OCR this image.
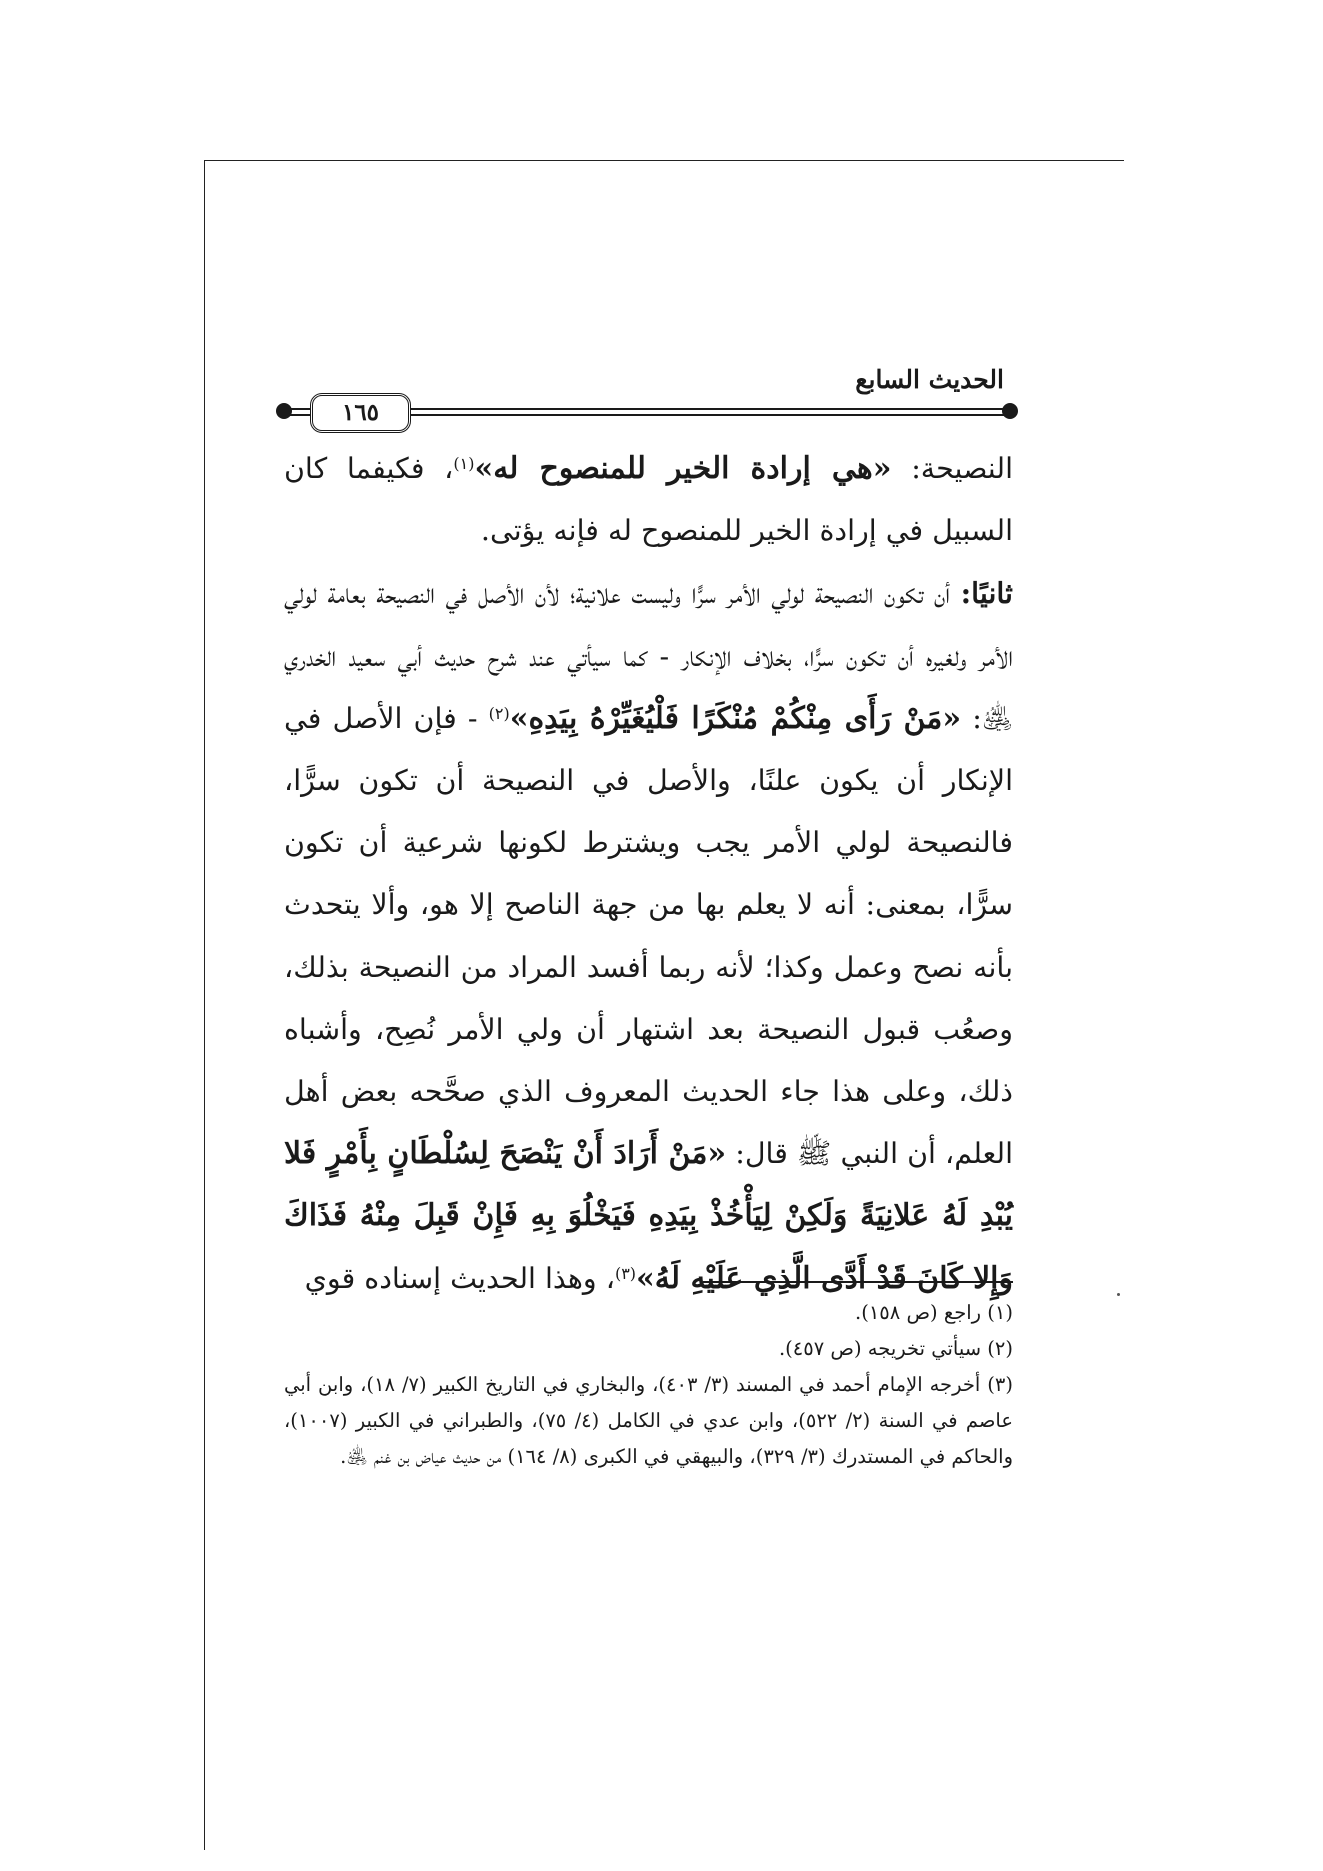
الحديث السابع
١٦٥

النصيحة: «هي إرادة الخير للمنصوح له»$^{(١)}$، فكيفما كان السبيل في إرادة الخير للمنصوح له فإنه يؤتى.

ثانيًا: أن تكون النصيحة لولي الأمر سرًّا وليست علانية؛ لأن الأصل في النصيحة بعامة لولي الأمر ولغيره أن تكون سرًّا، بخلاف الإنكار - كما سيأتي عند شرح حديث أبي سعيد الخدري ﵁: «مَنْ رَأَى مِنْكُمْ مُنْكَرًا فَلْيُغَيِّرْهُ بِيَدِهِ»$^{(٢)}$ - فإن الأصل في الإنكار أن يكون علنًا، والأصل في النصيحة أن تكون سرًّا، فالنصيحة لولي الأمر يجب ويشترط لكونها شرعية أن تكون سرًّا، بمعنى: أنه لا يعلم بها من جهة الناصح إلا هو، وألا يتحدث بأنه نصح وعمل وكذا؛ لأنه ربما أفسد المراد من النصيحة بذلك، وصعُب قبول النصيحة بعد اشتهار أن ولي الأمر نُصِح، وأشباه ذلك، وعلى هذا جاء الحديث المعروف الذي صحَّحه بعض أهل العلم، أن النبي ﷺ قال: «مَنْ أَرَادَ أَنْ يَنْصَحَ لِسُلْطَانٍ بِأَمْرٍ فَلا يُبْدِ لَهُ عَلانِيَةً وَلَكِنْ لِيَأْخُذْ بِيَدِهِ فَيَخْلُوَ بِهِ فَإِنْ قَبِلَ مِنْهُ فَذَاكَ وَإِلا كَانَ قَدْ أَدَّى الَّذِي عَلَيْهِ لَهُ»$^{(٣)}$، وهذا الحديث إسناده قوي

(١) راجع (ص ١٥٨).

(٢) سيأتي تخريجه (ص ٤٥٧).

(٣) أخرجه الإمام أحمد في المسند (٣/ ٤٠٣)، والبخاري في التاريخ الكبير (٧/ ١٨)، وابن أبي عاصم في السنة (٢/ ٥٢٢)، وابن عدي في الكامل (٤/ ٧٥)، والطبراني في الكبير (١٠٠٧)، والحاكم في المستدرك (٣/ ٣٢٩)، والبيهقي في الكبرى (٨/ ١٦٤) من حديث عياض بن غنم ﵁.
